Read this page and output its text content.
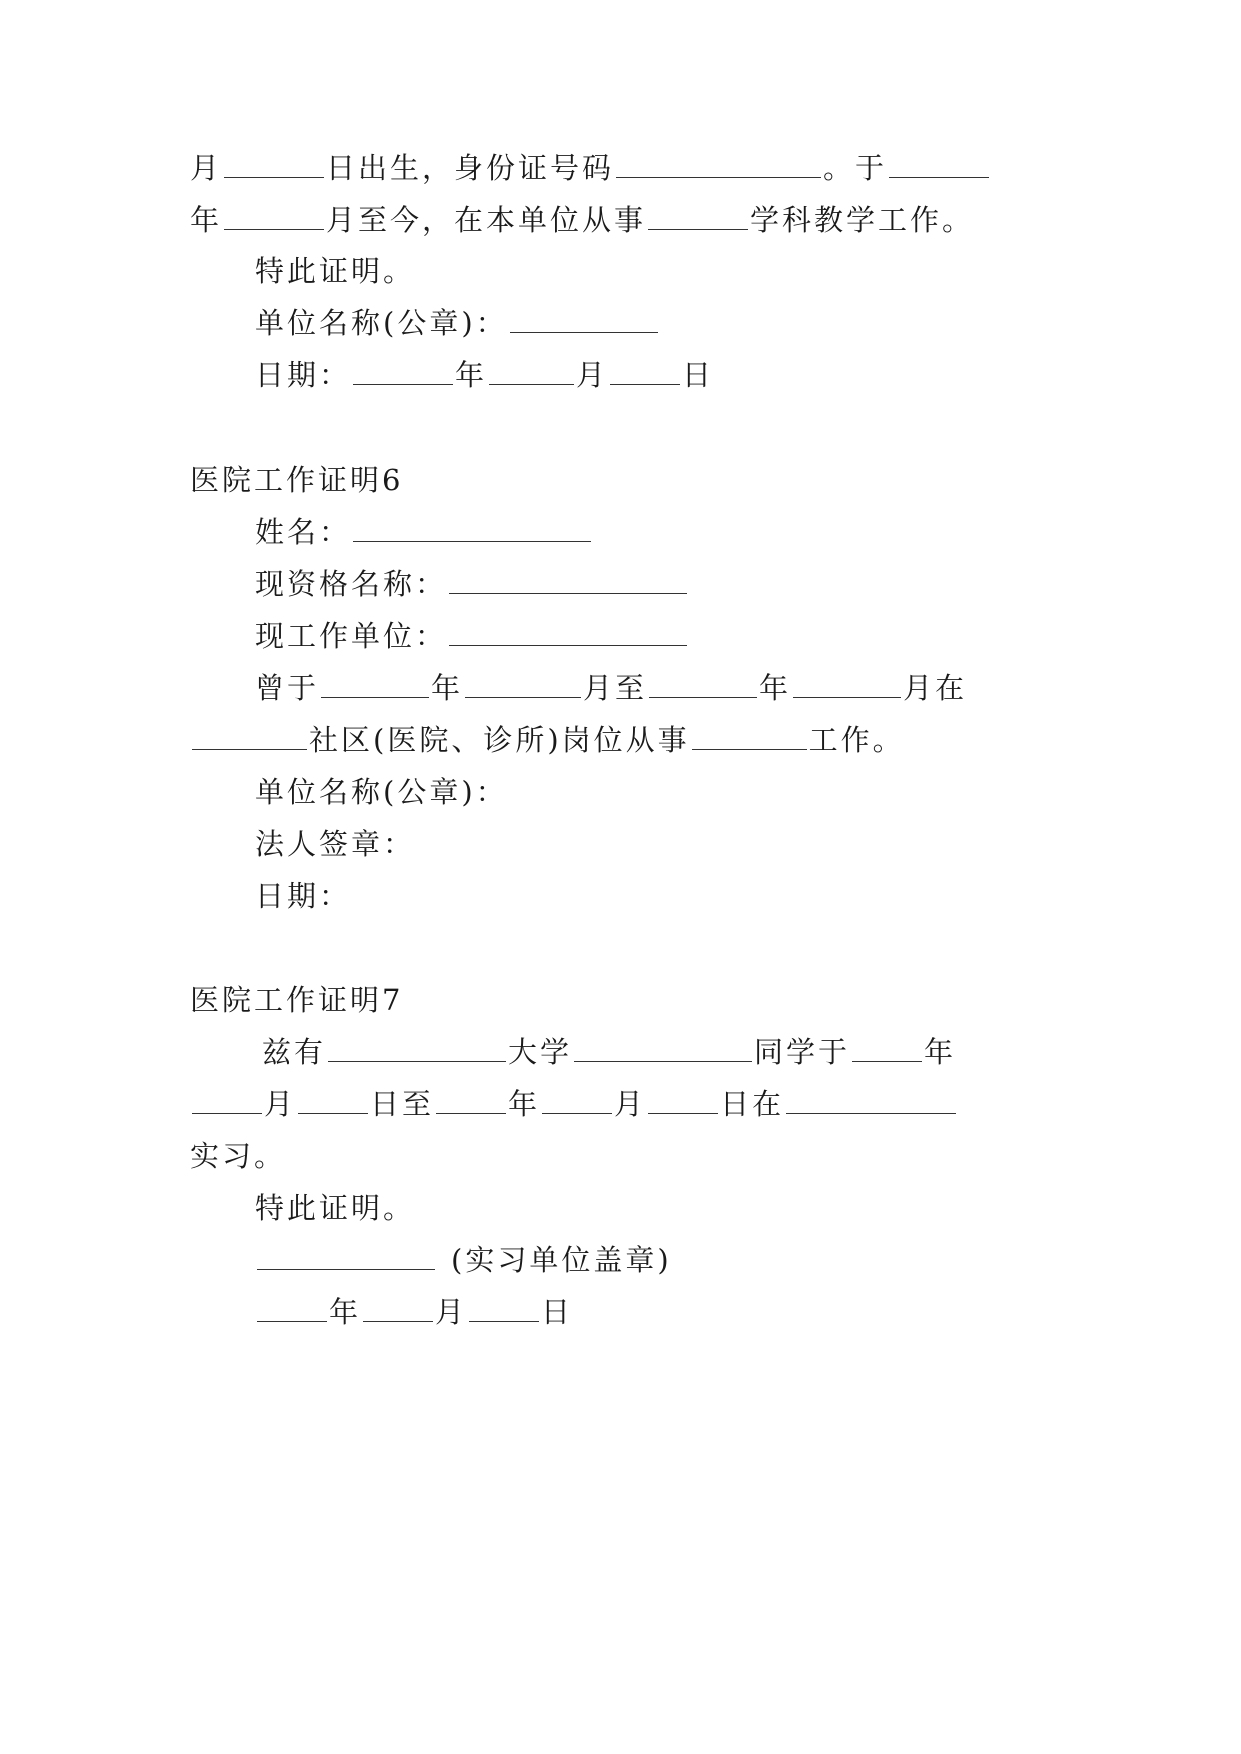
月	日出生，身份证号码	。于
年	月至今，在本单位从事	学科教学工作。
特此证明。
单位名称(公章)：
日期：	年	月	日
医院工作证明6
姓名：
现资格名称：
现工作单位：
曾于	年	月至	年	月在
社区(医院、诊所)岗位从事	工作。
单位名称(公章)：
法人签章：
日期：
医院工作证明7
兹有	大学	同学于	年
月	日至	年	月	日在
实习。
特此证明。
(实习单位盖章)
年	月	日
